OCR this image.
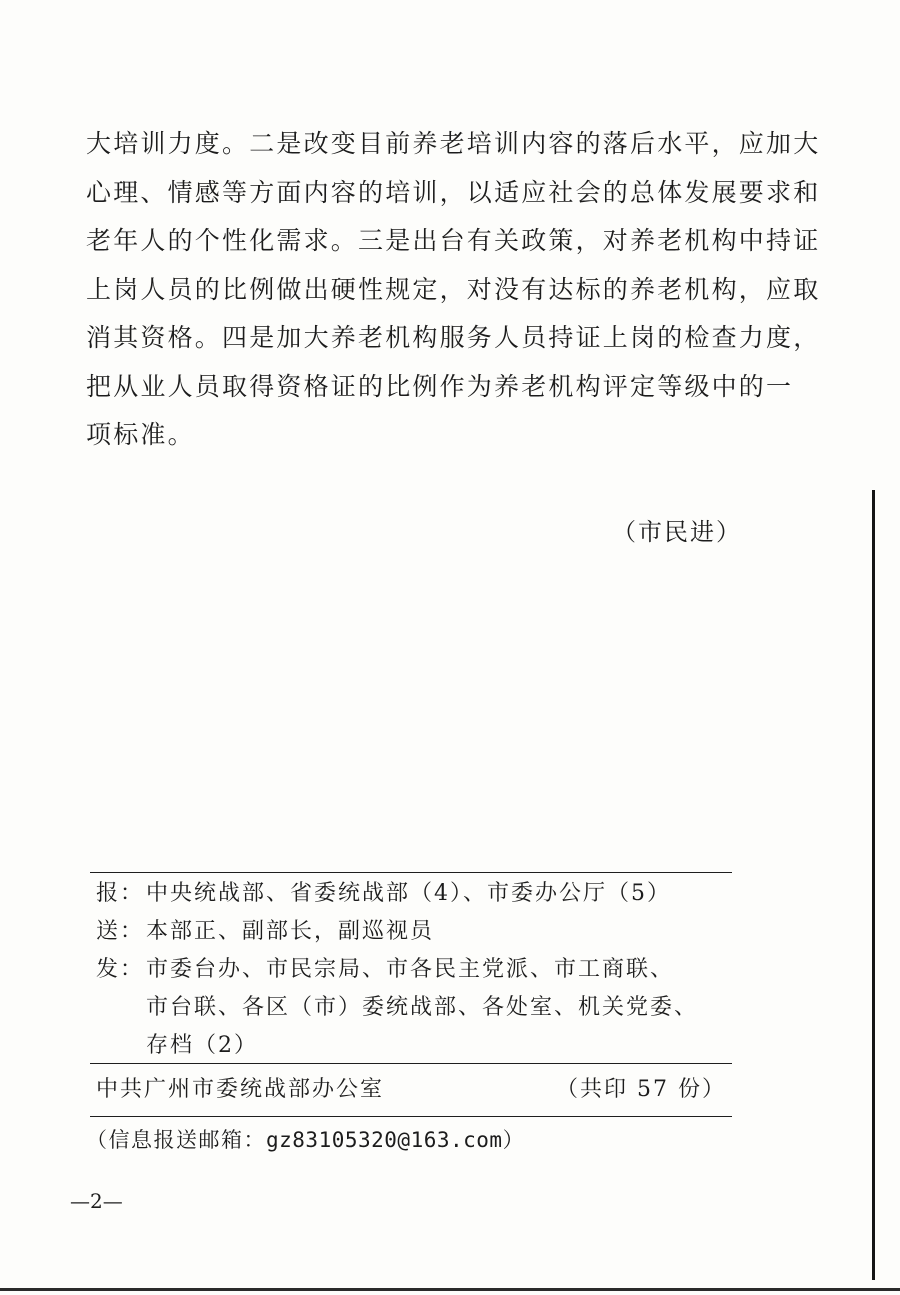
大培训力度。二是改变目前养老培训内容的落后水平，应加大
心理、情感等方面内容的培训，以适应社会的总体发展要求和
老年人的个性化需求。三是出台有关政策，对养老机构中持证
上岗人员的比例做出硬性规定，对没有达标的养老机构，应取
消其资格。四是加大养老机构服务人员持证上岗的检查力度，
把从业人员取得资格证的比例作为养老机构评定等级中的一
项标准。
（市民进）
报： 中央统战部、省委统战部（4）、市委办公厅（5）
送： 本部正、副部长，副巡视员
发： 市委台办、市民宗局、市各民主党派、市工商联、
市台联、各区（市）委统战部、各处室、机关党委、
存档（2）
中共广州市委统战部办公室	（共印 57 份）
（信息报送邮箱：gz83105320@163.com）
—2—
